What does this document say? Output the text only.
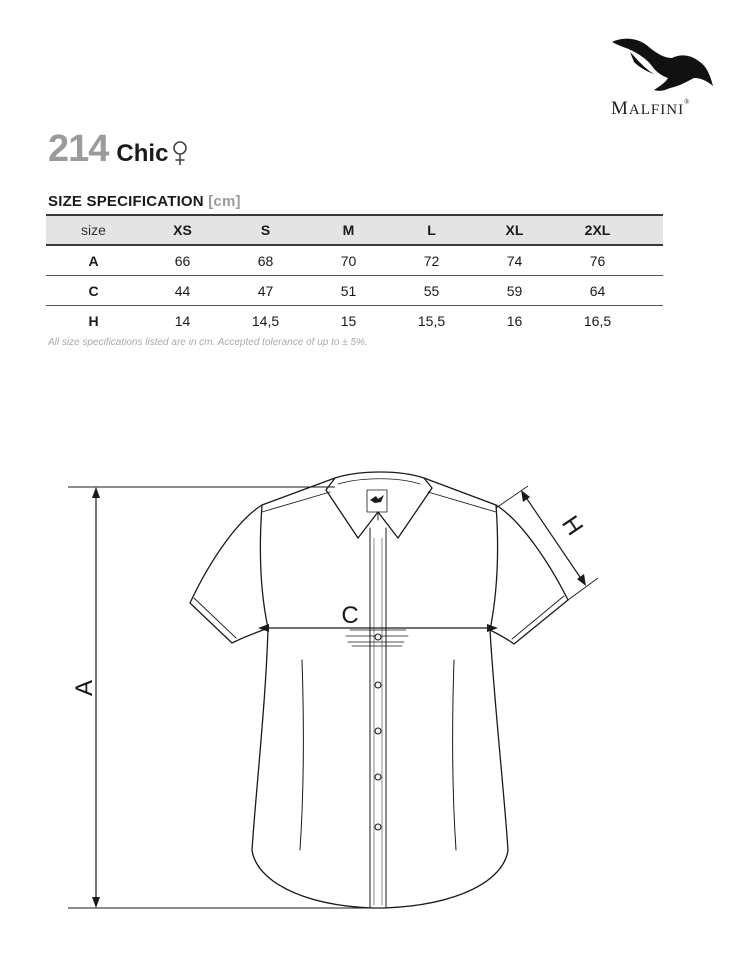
MALFINI®
214 Chic
SIZE SPECIFICATION [cm]
size	XS	S	M	L	XL	2XL	
A	66	68	70	72	74	76	
C	44	47	51	55	59	64	
H	14	14,5	15	15,5	16	16,5	
All size specifications listed are in cm. Accepted tolerance of up to ± 5%.
A
C
H
